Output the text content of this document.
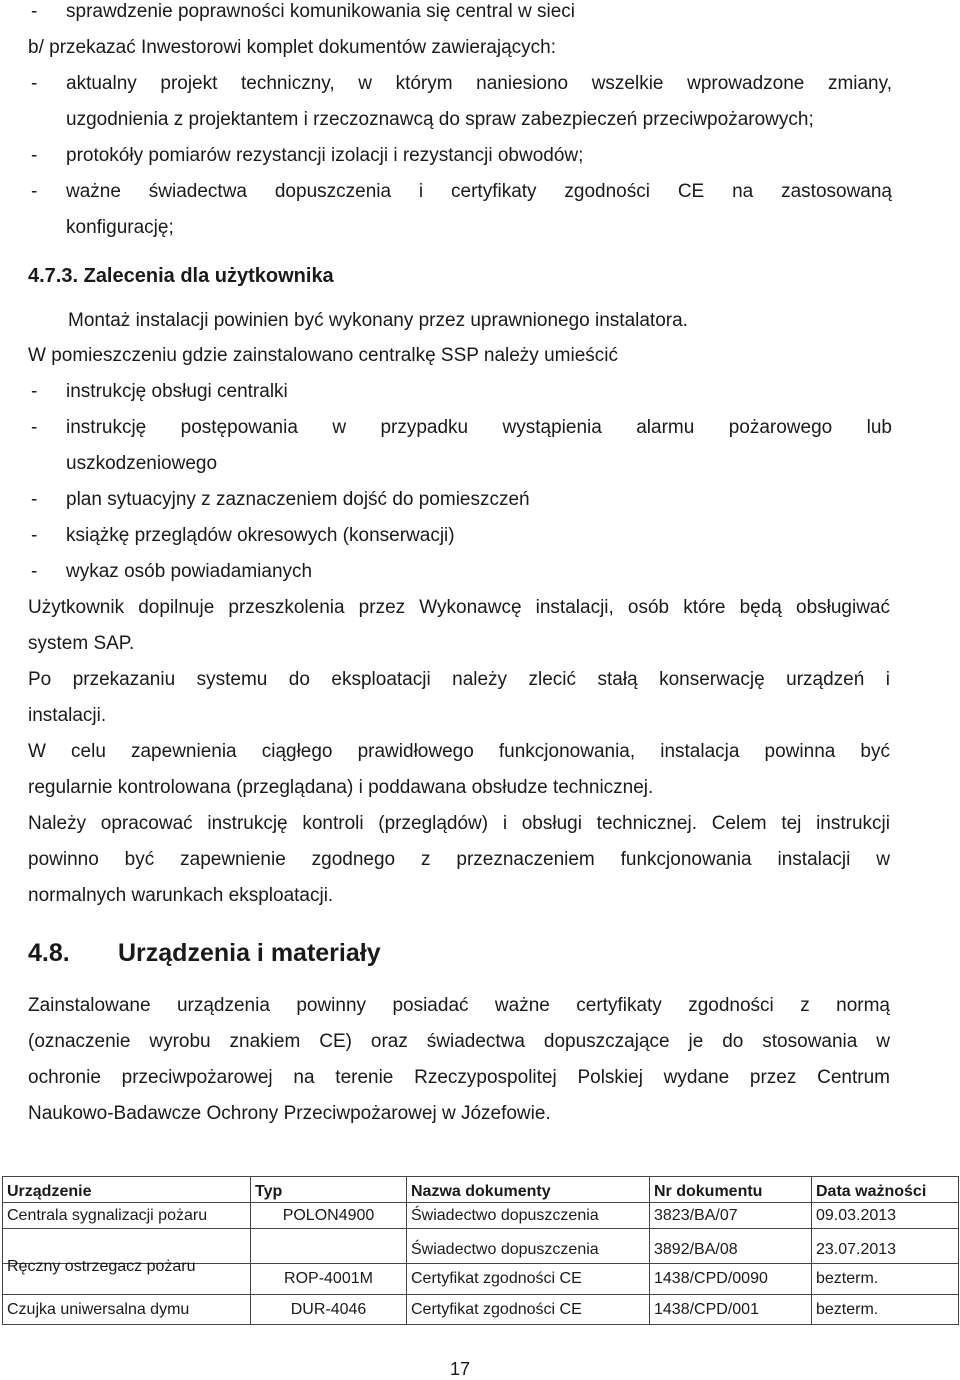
- sprawdzenie poprawności komunikowania się central w sieci
b/ przekazać Inwestorowi komplet dokumentów zawierających:
- aktualny projekt techniczny, w którym naniesiono wszelkie wprowadzone zmiany,
uzgodnienia z projektantem i rzeczoznawcą do spraw zabezpieczeń przeciwpożarowych;
- protokóły pomiarów rezystancji izolacji i rezystancji obwodów;
- ważne świadectwa dopuszczenia i certyfikaty zgodności CE na zastosowaną
konfigurację;
4.7.3. Zalecenia dla użytkownika
Montaż instalacji powinien być wykonany przez uprawnionego instalatora.
W pomieszczeniu gdzie zainstalowano centralkę SSP należy umieścić
- instrukcję obsługi centralki
- instrukcję postępowania w przypadku wystąpienia alarmu pożarowego lub
uszkodzeniowego
- plan sytuacyjny z zaznaczeniem dojść do pomieszczeń
- książkę przeglądów okresowych (konserwacji)
- wykaz osób powiadamianych
Użytkownik dopilnuje przeszkolenia przez Wykonawcę instalacji, osób które będą obsługiwać
system SAP.
Po przekazaniu systemu do eksploatacji należy zlecić stałą konserwację urządzeń i
instalacji.
W celu zapewnienia ciągłego prawidłowego funkcjonowania, instalacja powinna być
regularnie kontrolowana (przeglądana) i poddawana obsłudze technicznej.
Należy opracować instrukcję kontroli (przeglądów) i obsługi technicznej. Celem tej instrukcji
powinno być zapewnienie zgodnego z przeznaczeniem funkcjonowania instalacji w
normalnych warunkach eksploatacji.
4.8. Urządzenia i materiały
Zainstalowane urządzenia powinny posiadać ważne certyfikaty zgodności z normą
(oznaczenie wyrobu znakiem CE) oraz świadectwa dopuszczające je do stosowania w
ochronie przeciwpożarowej na terenie Rzeczypospolitej Polskiej wydane przez Centrum
Naukowo-Badawcze Ochrony Przeciwpożarowej w Józefowie.
Urządzenie	Typ	Nazwa dokumenty	Nr dokumentu	Data ważności
Centrala sygnalizacji pożaru	POLON4900	Świadectwo dopuszczenia	3823/BA/07	09.03.2013
		Świadectwo dopuszczenia	3892/BA/08	23.07.2013
Ręczny ostrzegacz pożaru	ROP-4001M	Certyfikat zgodności CE	1438/CPD/0090	bezterm.
Czujka uniwersalna dymu	DUR-4046	Certyfikat zgodności CE	1438/CPD/001	bezterm.
17
